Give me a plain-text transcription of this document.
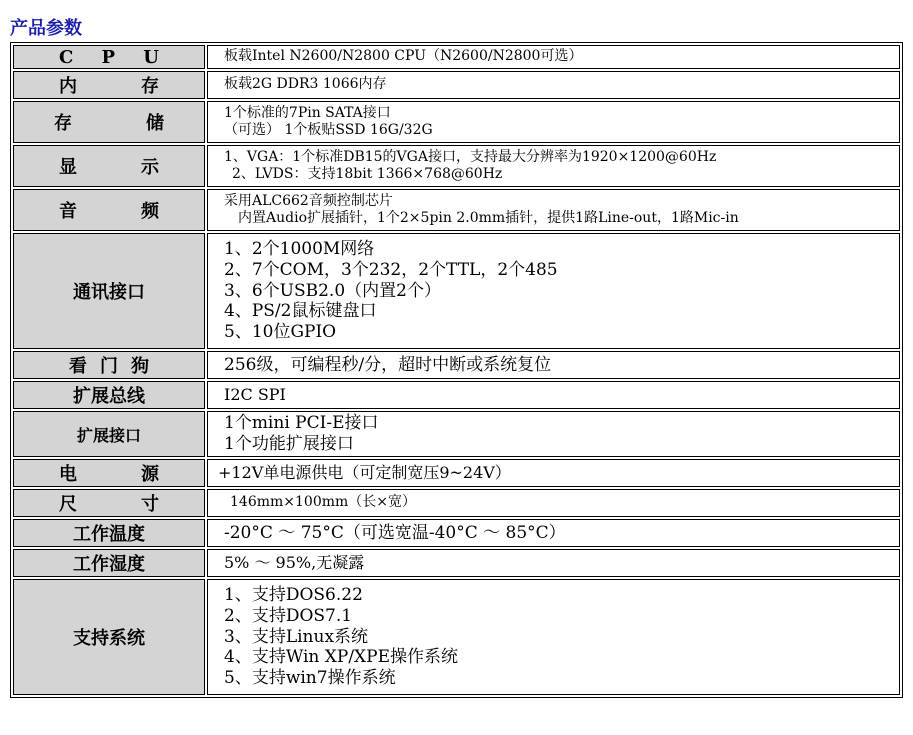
产品参数
C P U	板载Intel N2600/N2800 CPU（N2600/N2800可选）

内 存	板载2G DDR3 1066内存

存 储	1个标准的7Pin SATA接口
（可选） 1个板贴SSD 16G/32G

显 示	1、VGA：1个标准DB15的VGA接口，支持最大分辨率为1920×1200@60Hz
2、LVDS：支持18bit 1366×768@60Hz

音 频	采用ALC662音频控制芯片
内置Audio扩展插针，1个2×5pin 2.0mm插针，提供1路Line-out，1路Mic-in

通讯接口	1、2个1000M网络
2、7个COM，3个232，2个TTL，2个485
3、6个USB2.0（内置2个）
4、PS/2鼠标键盘口
5、10位GPIO

看 门 狗	256级，可编程秒/分，超时中断或系统复位

扩展总线	I2C SPI

扩展接口	1个mini PCI-E接口
1个功能扩展接口

电 源	+12V单电源供电（可定制宽压9~24V）

尺 寸	146mm×100mm（长×宽）

工作温度	-20°C ～ 75°C（可选宽温-40°C ～ 85°C）

工作湿度	5% ～ 95%,无凝露

支持系统	1、支持DOS6.22
2、支持DOS7.1
3、支持Linux系统
4、支持Win XP/XPE操作系统
5、支持win7操作系统
